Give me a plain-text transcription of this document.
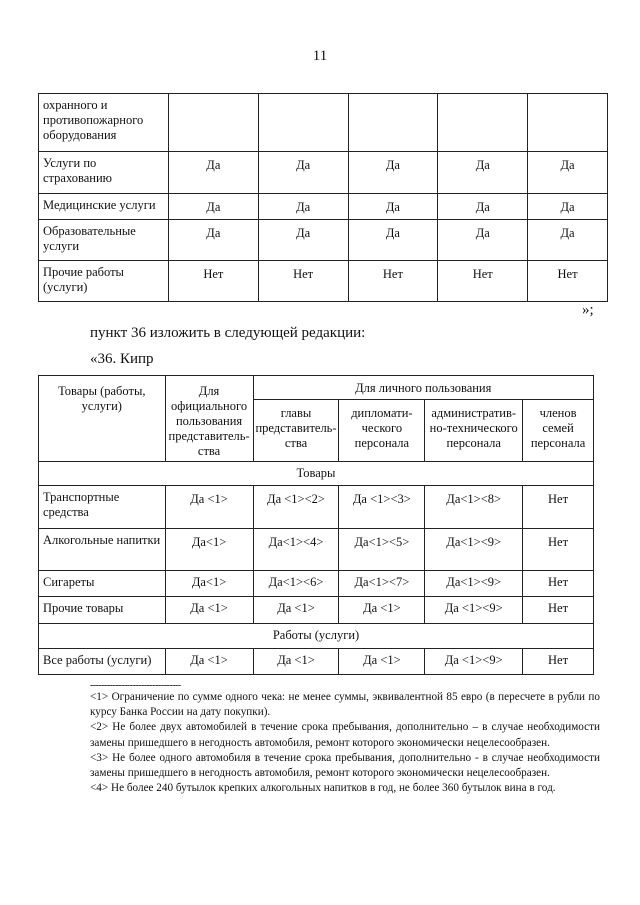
11
охранного и противопожарного оборудования					
Услуги по страхованию	Да	Да	Да	Да	Да
Медицинские услуги	Да	Да	Да	Да	Да
Образовательные услуги	Да	Да	Да	Да	Да
Прочие работы (услуги)	Нет	Нет	Нет	Нет	Нет
»;
пункт 36 изложить в следующей редакции:
«36. Кипр
Товары (работы, услуги)	Для официального пользования представитель-ства	Для личного пользования			
		главы представитель-ства	дипломати-ческого персонала	административ-но-технического персонала	членов семей персонала
Товары					
Транспортные средства	Да <1>	Да <1><2>	Да <1><3>	Да<1><8>	Нет
Алкогольные напитки	Да<1>	Да<1><4>	Да<1><5>	Да<1><9>	Нет
Сигареты	Да<1>	Да<1><6>	Да<1><7>	Да<1><9>	Нет
Прочие товары	Да <1>	Да <1>	Да <1>	Да <1><9>	Нет
Работы (услуги)					
Все работы (услуги)	Да <1>	Да <1>	Да <1>	Да <1><9>	Нет
--------------------------------
<1> Ограничение по сумме одного чека: не менее суммы, эквивалентной 85 евро (в пересчете в рубли по курсу Банка России на дату покупки).
<2> Не более двух автомобилей в течение срока пребывания, дополнительно – в случае необходимости замены пришедшего в негодность автомобиля, ремонт которого экономически нецелесообразен.
<3> Не более одного автомобиля в течение срока пребывания, дополнительно - в случае необходимости замены пришедшего в негодность автомобиля, ремонт которого экономически нецелесообразен.
<4> Не более 240 бутылок крепких алкогольных напитков в год, не более 360 бутылок вина в год.
